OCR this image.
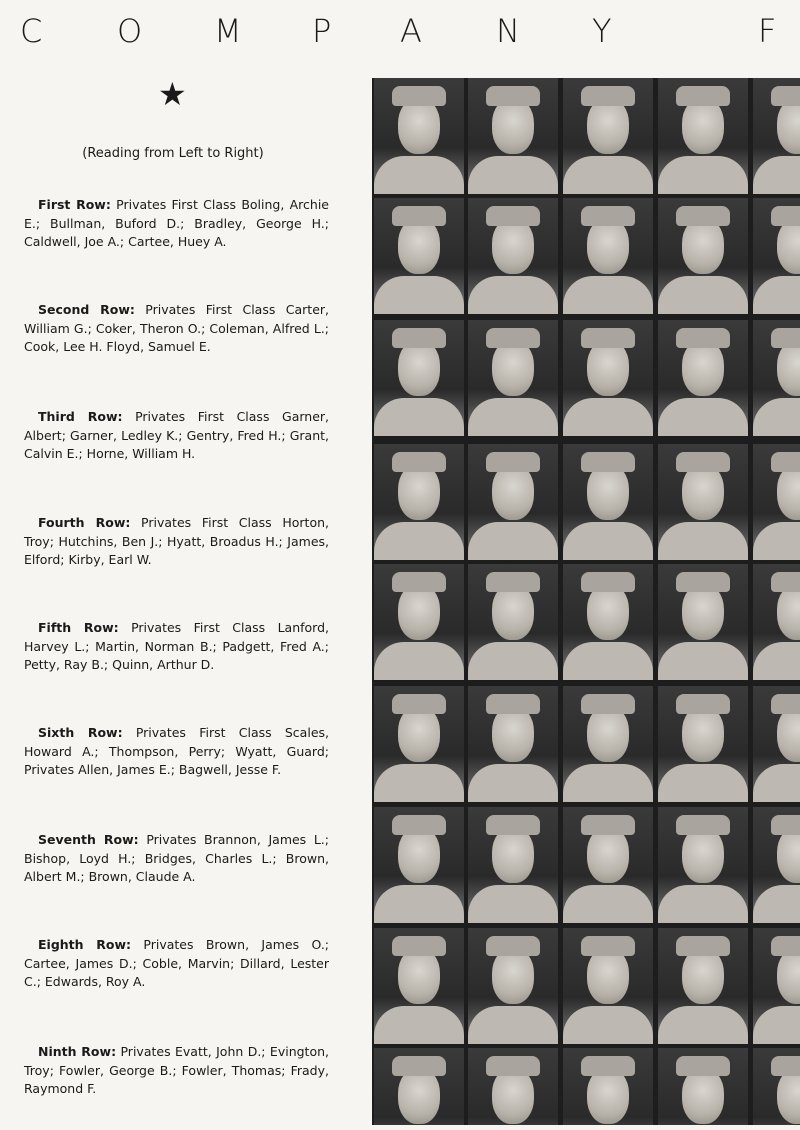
C O M P A N Y	F
★
(Reading from Left to Right)
First Row: Privates First Class Boling, Archie E.; Bullman, Buford D.; Bradley, George H.; Caldwell, Joe A.; Cartee, Huey A.
Second Row: Privates First Class Carter, William G.; Coker, Theron O.; Coleman, Alfred L.; Cook, Lee H. Floyd, Samuel E.
Third Row: Privates First Class Garner, Albert; Garner, Ledley K.; Gentry, Fred H.; Grant, Calvin E.; Horne, William H.
Fourth Row: Privates First Class Horton, Troy; Hutchins, Ben J.; Hyatt, Broadus H.; James, Elford; Kirby, Earl W.
Fifth Row: Privates First Class Lanford, Harvey L.; Martin, Norman B.; Padgett, Fred A.; Petty, Ray B.; Quinn, Arthur D.
Sixth Row: Privates First Class Scales, Howard A.; Thompson, Perry; Wyatt, Guard; Privates Allen, James E.; Bagwell, Jesse F.
Seventh Row: Privates Brannon, James L.; Bishop, Loyd H.; Bridges, Charles L.; Brown, Albert M.; Brown, Claude A.
Eighth Row: Privates Brown, James O.; Cartee, James D.; Coble, Marvin; Dillard, Lester C.; Edwards, Roy A.
Ninth Row: Privates Evatt, John D.; Evington, Troy; Fowler, George B.; Fowler, Thomas; Frady, Raymond F.
